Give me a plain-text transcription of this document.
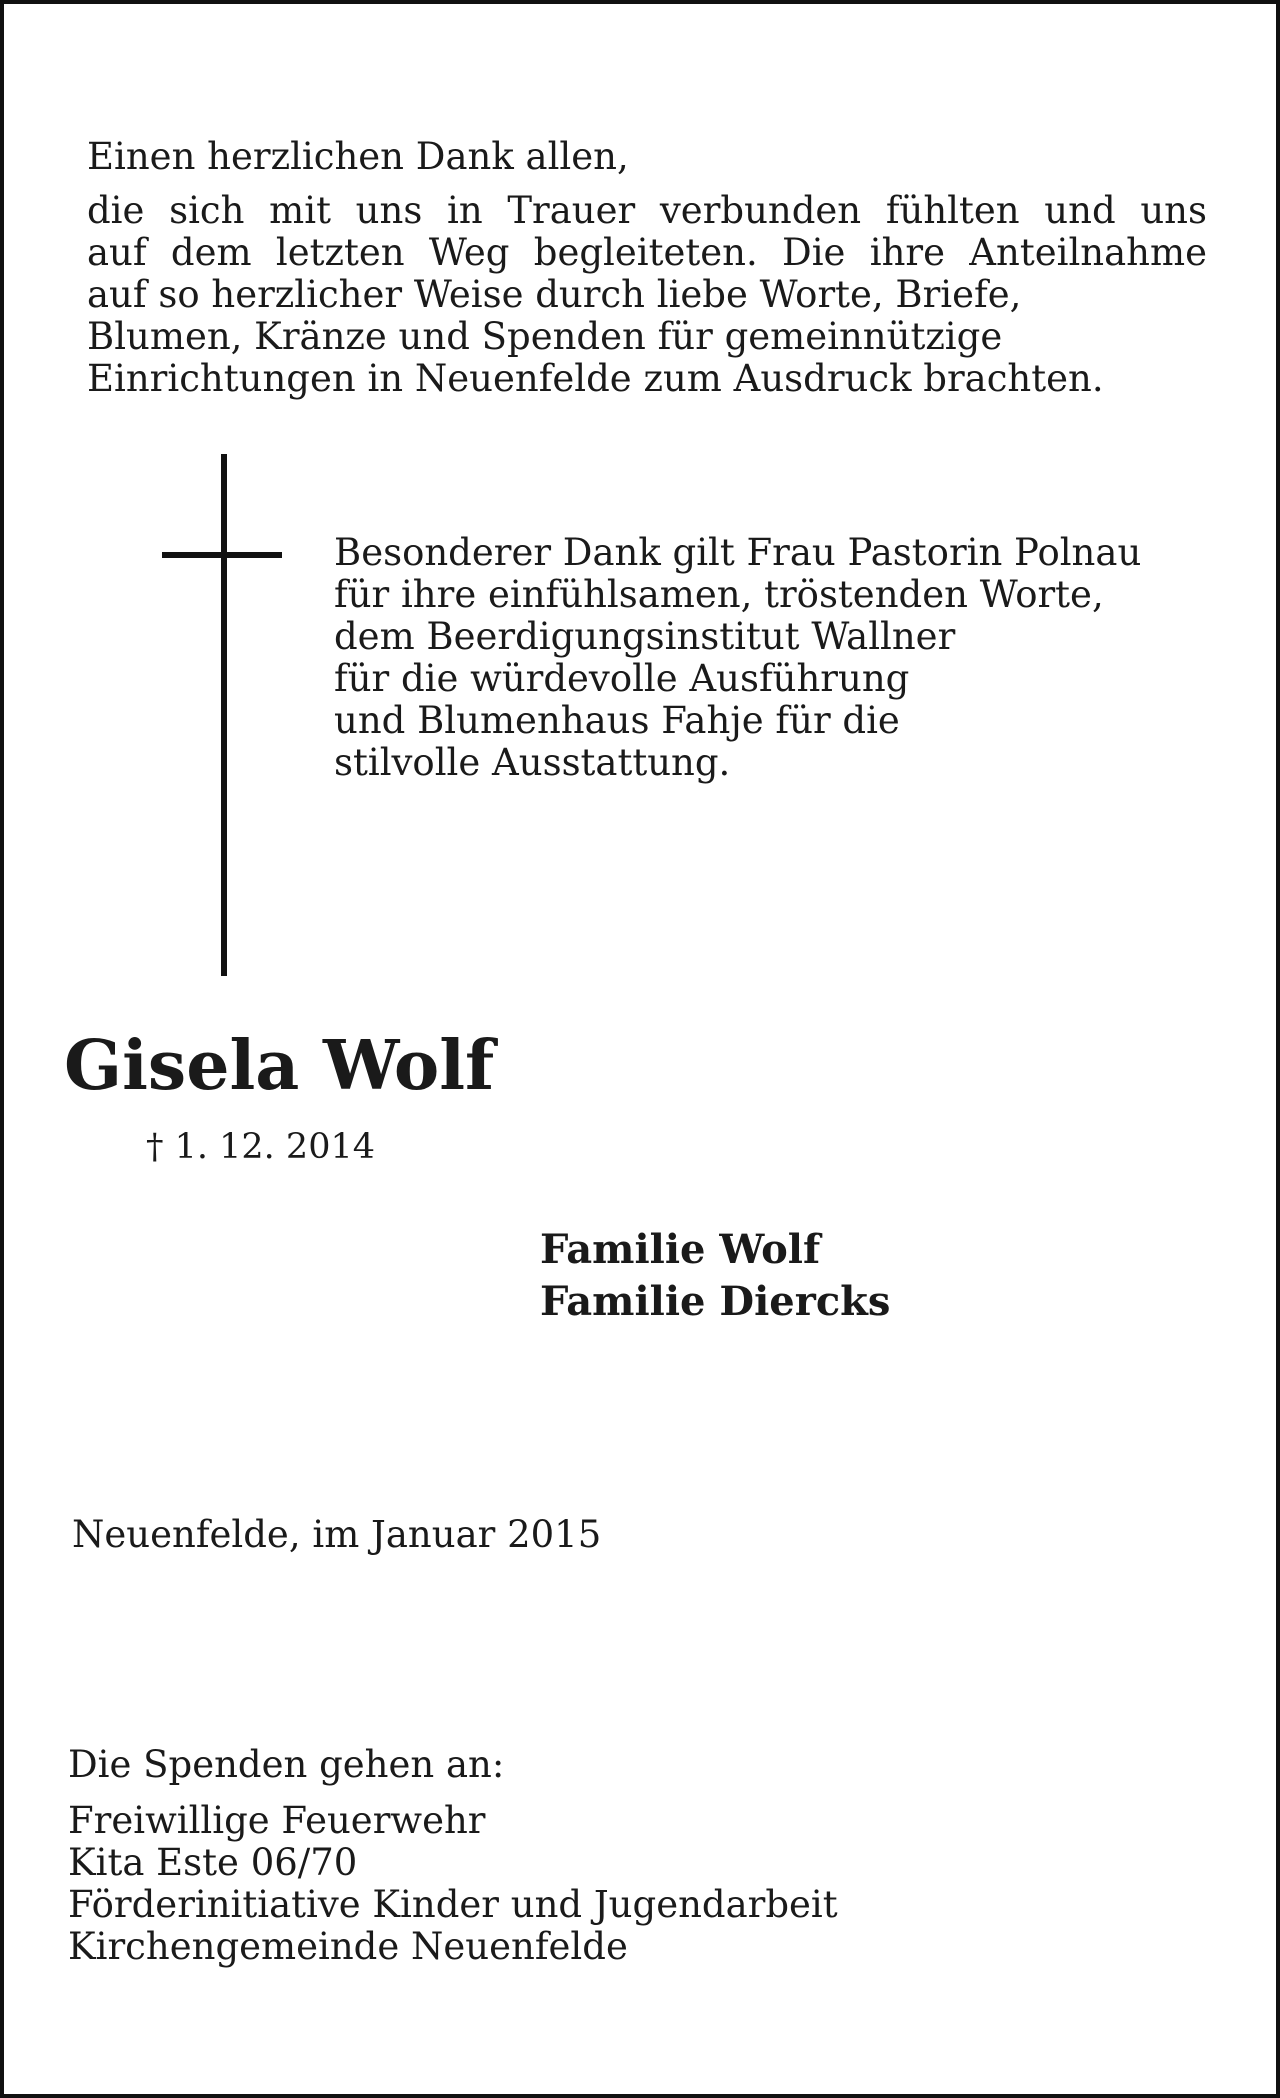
Einen herzlichen Dank allen,
die sich mit uns in Trauer verbunden fühlten und uns
auf dem letzten Weg begleiteten. Die ihre Anteilnahme
auf so herzlicher Weise durch liebe Worte, Briefe,
Blumen, Kränze und Spenden für gemeinnützige
Einrichtungen in Neuenfelde zum Ausdruck brachten.
Besonderer Dank gilt Frau Pastorin Polnau
für ihre einfühlsamen, tröstenden Worte,
dem Beerdigungsinstitut Wallner
für die würdevolle Ausführung
und Blumenhaus Fahje für die
stilvolle Ausstattung.
Gisela Wolf
† 1. 12. 2014
Familie Wolf
Familie Diercks
Neuenfelde, im Januar 2015
Die Spenden gehen an:
Freiwillige Feuerwehr
Kita Este 06/70
Förderinitiative Kinder und Jugendarbeit
Kirchengemeinde Neuenfelde
